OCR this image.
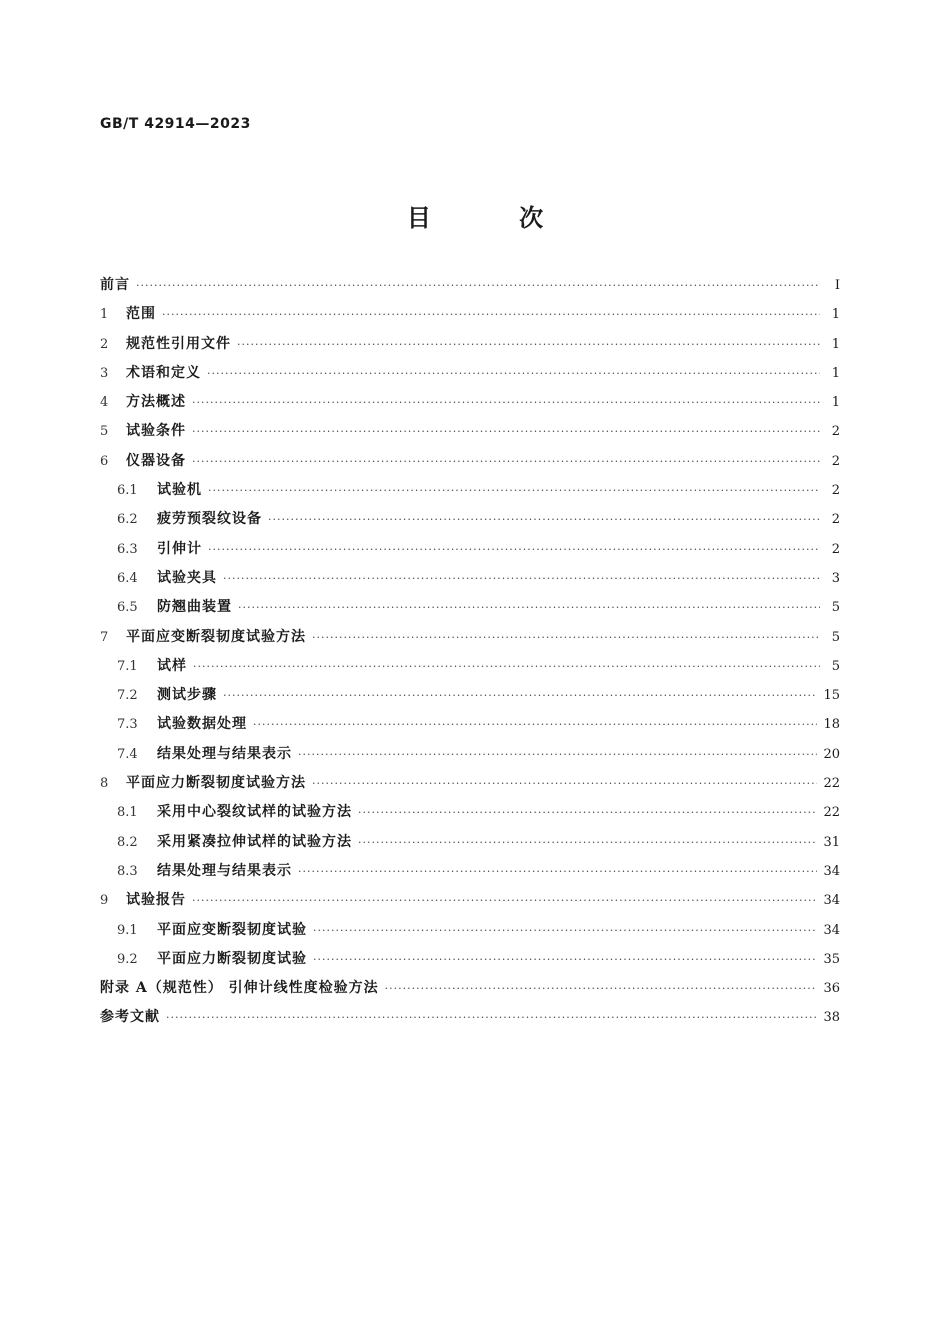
GB/T 42914—2023
目 次
前言 ·····	I
1	范围 ·····	1
2	规范性引用文件 ·····	1
3	术语和定义 ·····	1
4	方法概述 ·····	1
5	试验条件 ·····	2
6	仪器设备 ·····	2
6.1	试验机 ·····	2
6.2	疲劳预裂纹设备 ·····	2
6.3	引伸计 ·····	2
6.4	试验夹具 ·····	3
6.5	防翘曲装置 ·····	5
7	平面应变断裂韧度试验方法 ·····	5
7.1	试样 ·····	5
7.2	测试步骤 ·····	15
7.3	试验数据处理 ·····	18
7.4	结果处理与结果表示 ·····	20
8	平面应力断裂韧度试验方法 ·····	22
8.1	采用中心裂纹试样的试验方法 ·····	22
8.2	采用紧凑拉伸试样的试验方法 ·····	31
8.3	结果处理与结果表示 ·····	34
9	试验报告 ·····	34
9.1	平面应变断裂韧度试验 ·····	34
9.2	平面应力断裂韧度试验 ·····	35
附录 A（规范性） 引伸计线性度检验方法 ·····	36
参考文献 ·····	38
